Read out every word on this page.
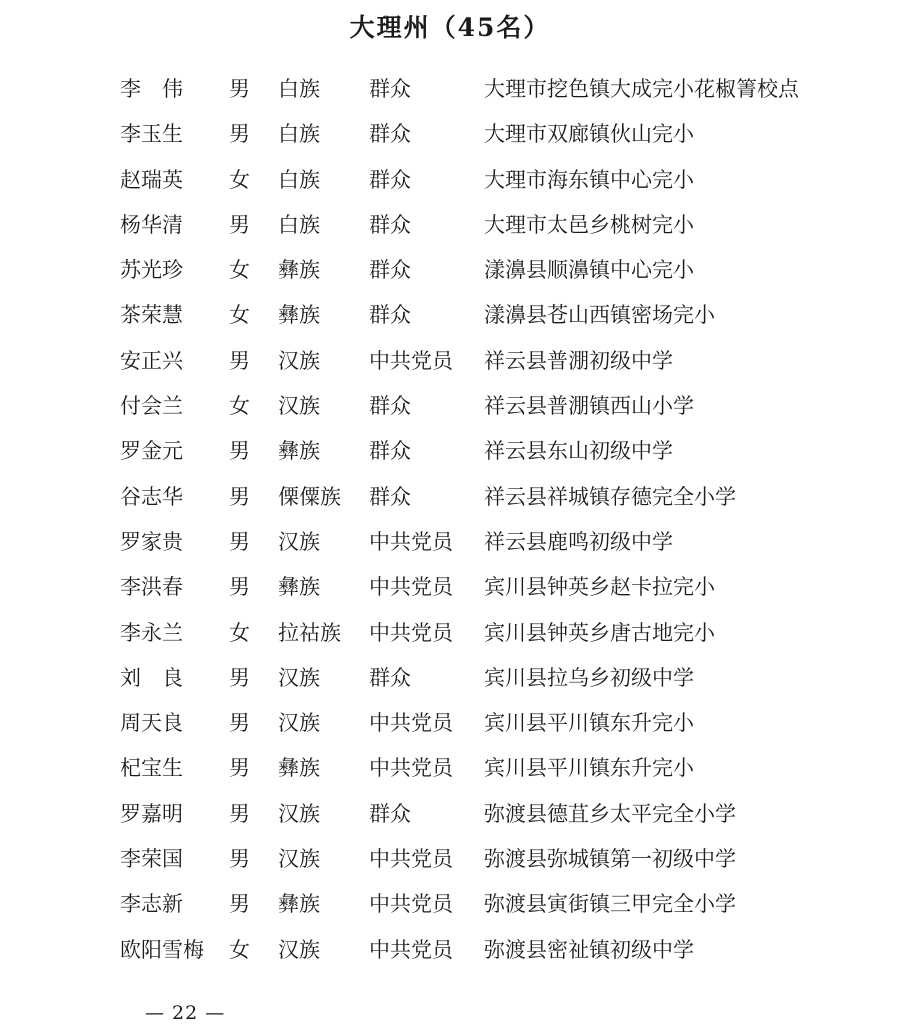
大理州（45名）
李　伟	男	白族	群众	大理市挖色镇大成完小花椒箐校点
李玉生	男	白族	群众	大理市双廊镇伙山完小
赵瑞英	女	白族	群众	大理市海东镇中心完小
杨华清	男	白族	群众	大理市太邑乡桃树完小
苏光珍	女	彝族	群众	漾濞县顺濞镇中心完小
茶荣慧	女	彝族	群众	漾濞县苍山西镇密场完小
安正兴	男	汉族	中共党员	祥云县普淜初级中学
付会兰	女	汉族	群众	祥云县普淜镇西山小学
罗金元	男	彝族	群众	祥云县东山初级中学
谷志华	男	傈僳族	群众	祥云县祥城镇存德完全小学
罗家贵	男	汉族	中共党员	祥云县鹿鸣初级中学
李洪春	男	彝族	中共党员	宾川县钟英乡赵卡拉完小
李永兰	女	拉祜族	中共党员	宾川县钟英乡唐古地完小
刘　良	男	汉族	群众	宾川县拉乌乡初级中学
周天良	男	汉族	中共党员	宾川县平川镇东升完小
杞宝生	男	彝族	中共党员	宾川县平川镇东升完小
罗嘉明	男	汉族	群众	弥渡县德苴乡太平完全小学
李荣国	男	汉族	中共党员	弥渡县弥城镇第一初级中学
李志新	男	彝族	中共党员	弥渡县寅街镇三甲完全小学
欧阳雪梅	女	汉族	中共党员	弥渡县密祉镇初级中学
— 22 —
